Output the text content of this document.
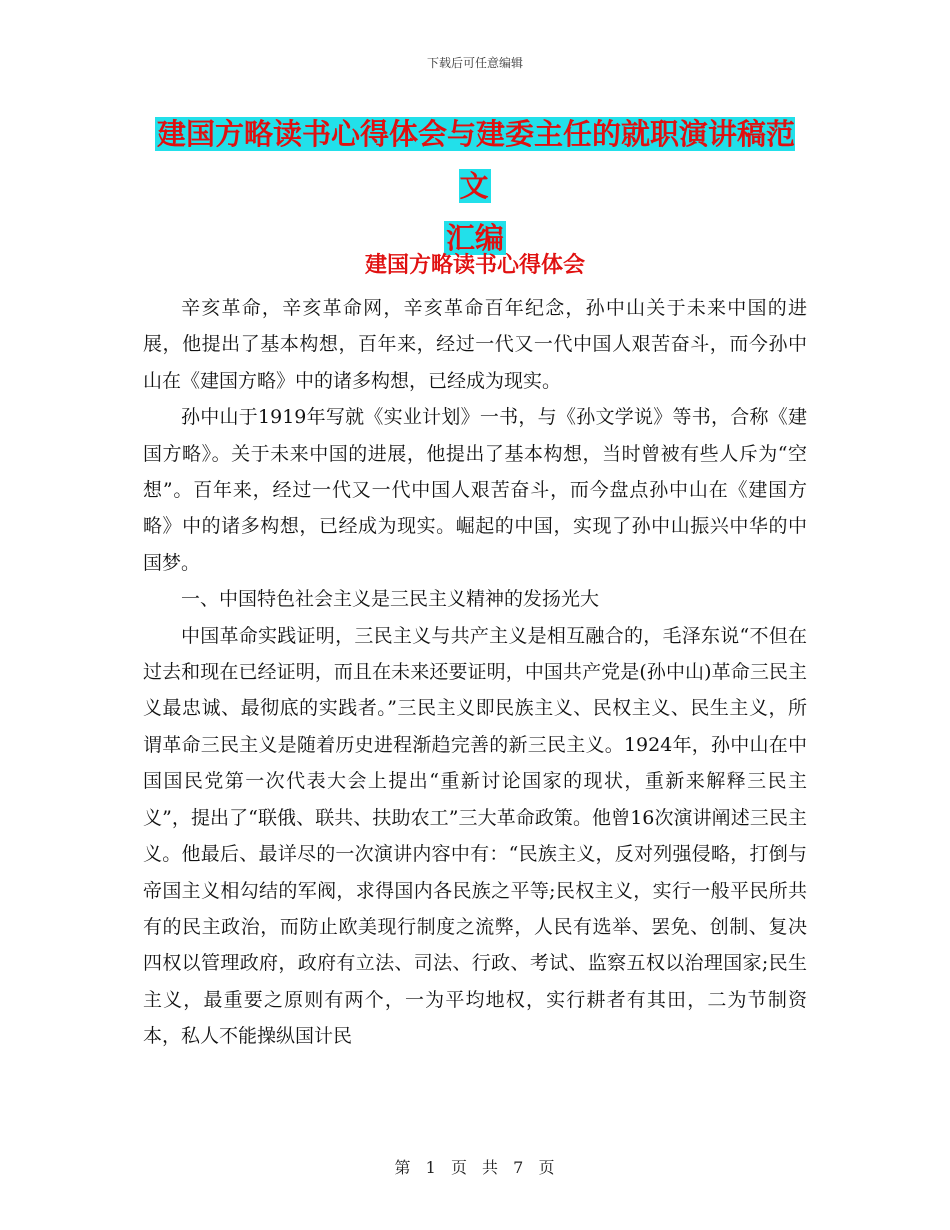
下载后可任意编辑
建国方略读书心得体会与建委主任的就职演讲稿范文
汇编
建国方略读书心得体会

辛亥革命，辛亥革命网，辛亥革命百年纪念，孙中山关于未来中国的进展，他提出了基本构想，百年来，经过一代又一代中国人艰苦奋斗，而今孙中山在《建国方略》中的诸多构想，已经成为现实。

孙中山于1919年写就《实业计划》一书，与《孙文学说》等书，合称《建国方略》。关于未来中国的进展，他提出了基本构想，当时曾被有些人斥为“空想”。百年来，经过一代又一代中国人艰苦奋斗，而今盘点孙中山在《建国方略》中的诸多构想，已经成为现实。崛起的中国，实现了孙中山振兴中华的中国梦。

一、中国特色社会主义是三民主义精神的发扬光大

中国革命实践证明，三民主义与共产主义是相互融合的，毛泽东说“不但在过去和现在已经证明，而且在未来还要证明，中国共产党是(孙中山)革命三民主义最忠诚、最彻底的实践者。”三民主义即民族主义、民权主义、民生主义，所谓革命三民主义是随着历史进程渐趋完善的新三民主义。1924年，孙中山在中国国民党第一次代表大会上提出“重新讨论国家的现状，重新来解释三民主义”，提出了“联俄、联共、扶助农工”三大革命政策。他曾16次演讲阐述三民主义。他最后、最详尽的一次演讲内容中有：“民族主义，反对列强侵略，打倒与帝国主义相勾结的军阀，求得国内各民族之平等;民权主义，实行一般平民所共有的民主政治，而防止欧美现行制度之流弊，人民有选举、罢免、创制、复决四权以管理政府，政府有立法、司法、行政、考试、监察五权以治理国家;民生主义，最重要之原则有两个，一为平均地权，实行耕者有其田，二为节制资本，私人不能操纵国计民

第 1 页 共 7 页
